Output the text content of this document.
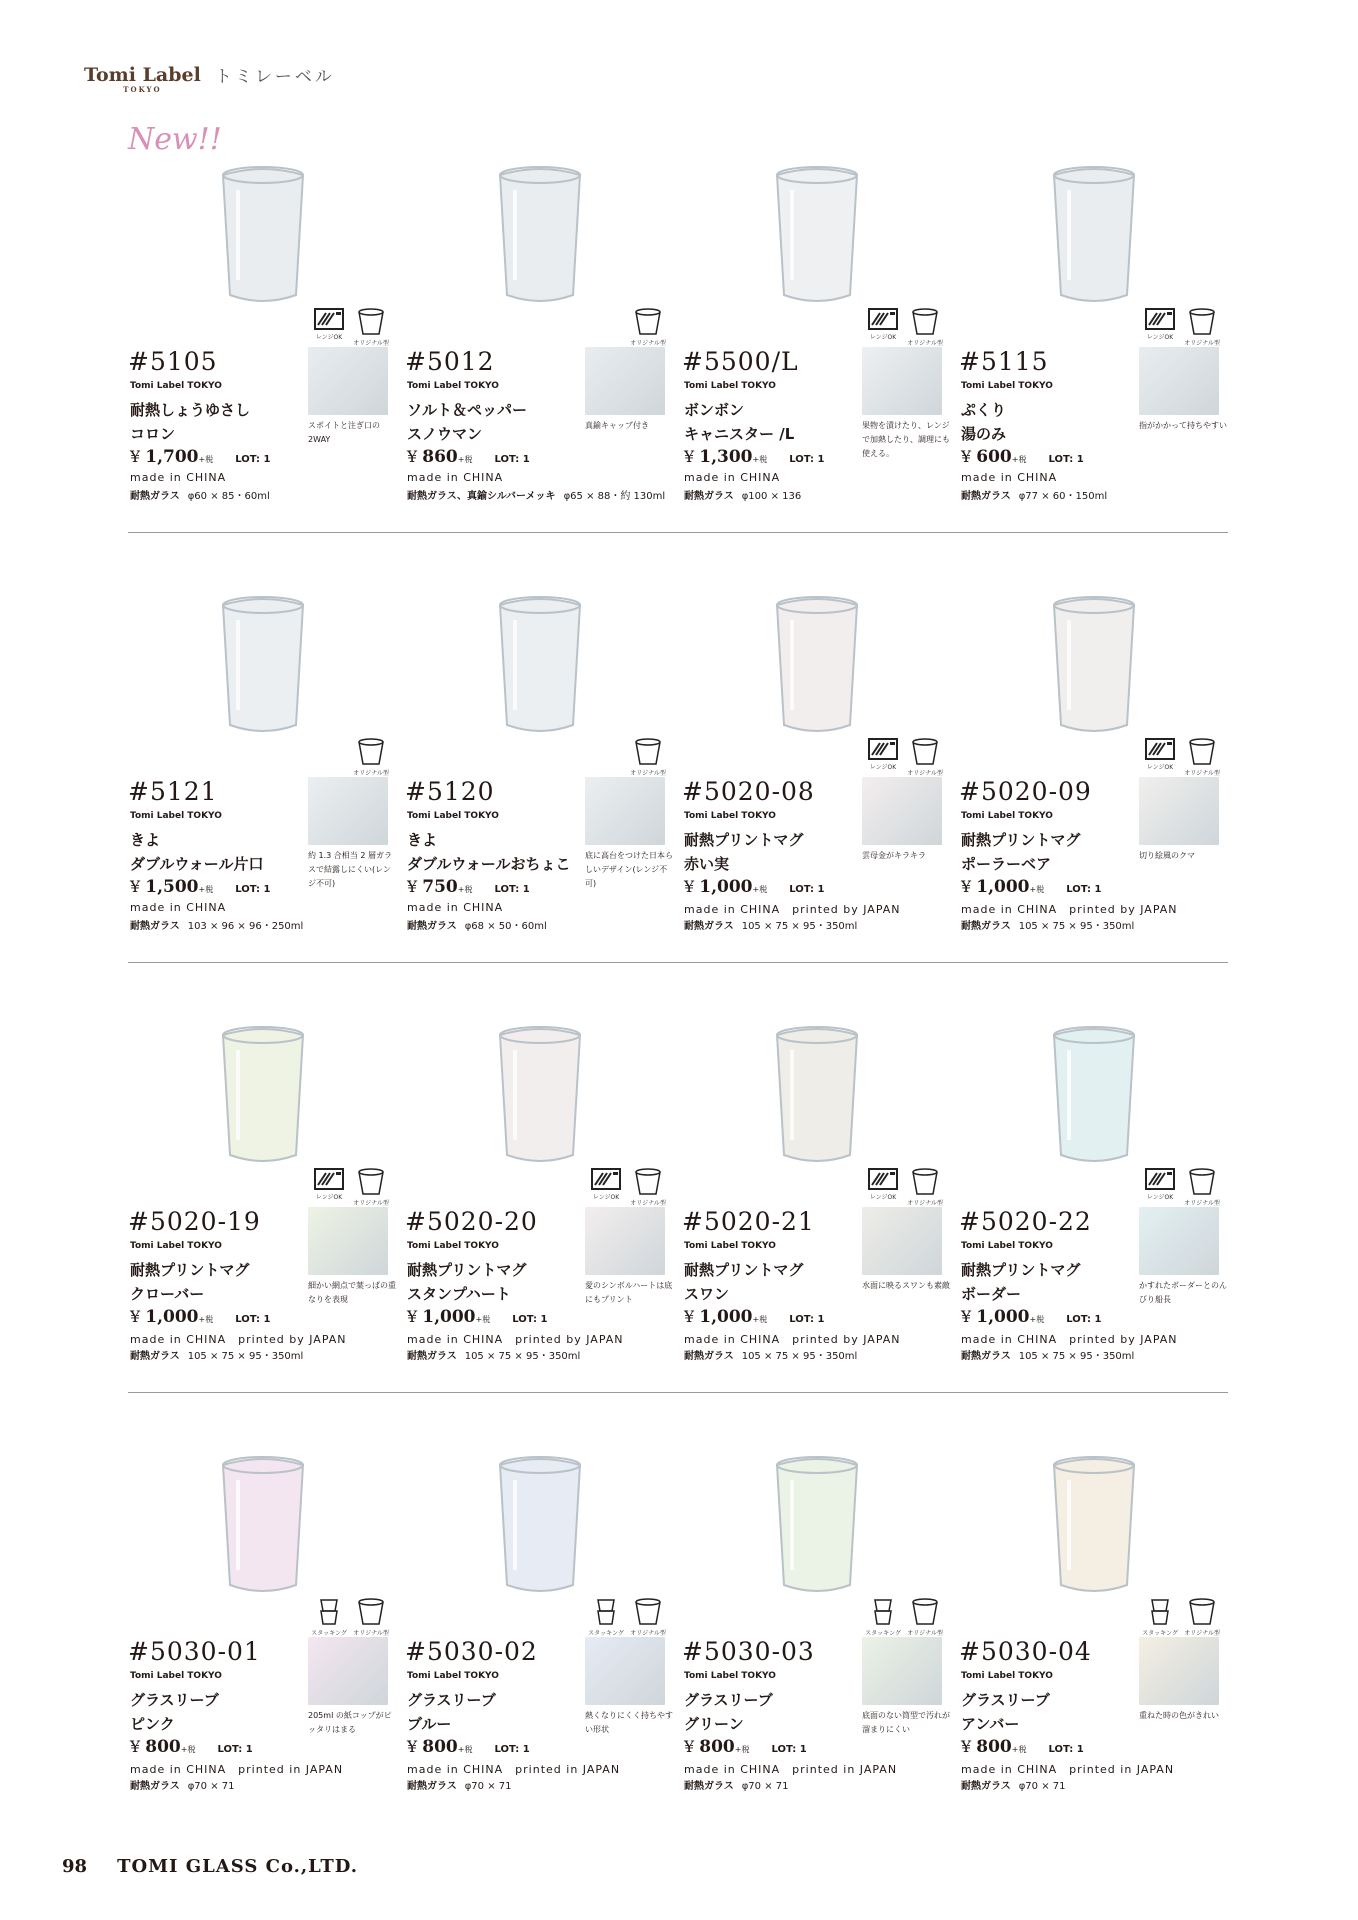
Tomi Label
TOKYO
トミレーベル
New!!
レンジOK
オリジナル型
#5105
Tomi Label TOKYO
耐熱しょうゆさし
コロン
¥ 1,700+税 LOT: 1
made in CHINA
耐熱ガラス φ60 × 85・60ml
スポイトと注ぎ口の 2WAY
オリジナル型
#5012
Tomi Label TOKYO
ソルト＆ペッパー
スノウマン
¥ 860+税 LOT: 1
made in CHINA
耐熱ガラス、真鍮シルバーメッキ φ65 × 88・約 130ml
真鍮キャップ付き
レンジOK
オリジナル型
#5500/L
Tomi Label TOKYO
ボンボン
キャニスター /L
¥ 1,300+税 LOT: 1
made in CHINA
耐熱ガラス φ100 × 136
果物を漬けたり、レンジで加熱したり、調理にも使える。
レンジOK
オリジナル型
#5115
Tomi Label TOKYO
ぷくり
湯のみ
¥ 600+税 LOT: 1
made in CHINA
耐熱ガラス φ77 × 60・150ml
指がかかって持ちやすい
オリジナル型
#5121
Tomi Label TOKYO
きよ
ダブルウォール片口
¥ 1,500+税 LOT: 1
made in CHINA
耐熱ガラス 103 × 96 × 96・250ml
約 1.3 合相当 2 層ガラスで結露しにくい(レンジ不可)
オリジナル型
#5120
Tomi Label TOKYO
きよ
ダブルウォールおちょこ
¥ 750+税 LOT: 1
made in CHINA
耐熱ガラス φ68 × 50・60ml
底に高台をつけた日本らしいデザイン(レンジ不可)
レンジOK
オリジナル型
#5020-08
Tomi Label TOKYO
耐熱プリントマグ
赤い実
¥ 1,000+税 LOT: 1
made in CHINA　printed by JAPAN
耐熱ガラス 105 × 75 × 95・350ml
雲母金がキラキラ
レンジOK
オリジナル型
#5020-09
Tomi Label TOKYO
耐熱プリントマグ
ポーラーベア
¥ 1,000+税 LOT: 1
made in CHINA　printed by JAPAN
耐熱ガラス 105 × 75 × 95・350ml
切り絵風のクマ
レンジOK
オリジナル型
#5020-19
Tomi Label TOKYO
耐熱プリントマグ
クローバー
¥ 1,000+税 LOT: 1
made in CHINA　printed by JAPAN
耐熱ガラス 105 × 75 × 95・350ml
細かい網点で葉っぱの重なりを表現
レンジOK
オリジナル型
#5020-20
Tomi Label TOKYO
耐熱プリントマグ
スタンプハート
¥ 1,000+税 LOT: 1
made in CHINA　printed by JAPAN
耐熱ガラス 105 × 75 × 95・350ml
愛のシンボルハートは底にもプリント
レンジOK
オリジナル型
#5020-21
Tomi Label TOKYO
耐熱プリントマグ
スワン
¥ 1,000+税 LOT: 1
made in CHINA　printed by JAPAN
耐熱ガラス 105 × 75 × 95・350ml
水面に映るスワンも素敵
レンジOK
オリジナル型
#5020-22
Tomi Label TOKYO
耐熱プリントマグ
ボーダー
¥ 1,000+税 LOT: 1
made in CHINA　printed by JAPAN
耐熱ガラス 105 × 75 × 95・350ml
かすれたボーダーとのんびり船長
スタッキング オリジナル型
#5030-01
Tomi Label TOKYO
グラスリーブ
ピンク
¥ 800+税 LOT: 1
made in CHINA　printed in JAPAN
耐熱ガラス φ70 × 71
205ml の紙コップがピッタリはまる
スタッキング オリジナル型
#5030-02
Tomi Label TOKYO
グラスリーブ
ブルー
¥ 800+税 LOT: 1
made in CHINA　printed in JAPAN
耐熱ガラス φ70 × 71
熱くなりにくく持ちやすい形状
スタッキング オリジナル型
#5030-03
Tomi Label TOKYO
グラスリーブ
グリーン
¥ 800+税 LOT: 1
made in CHINA　printed in JAPAN
耐熱ガラス φ70 × 71
底面のない筒型で汚れが溜まりにくい
スタッキング オリジナル型
#5030-04
Tomi Label TOKYO
グラスリーブ
アンバー
¥ 800+税 LOT: 1
made in CHINA　printed in JAPAN
耐熱ガラス φ70 × 71
重ねた時の色がきれい
98 TOMI GLASS Co.,LTD.
